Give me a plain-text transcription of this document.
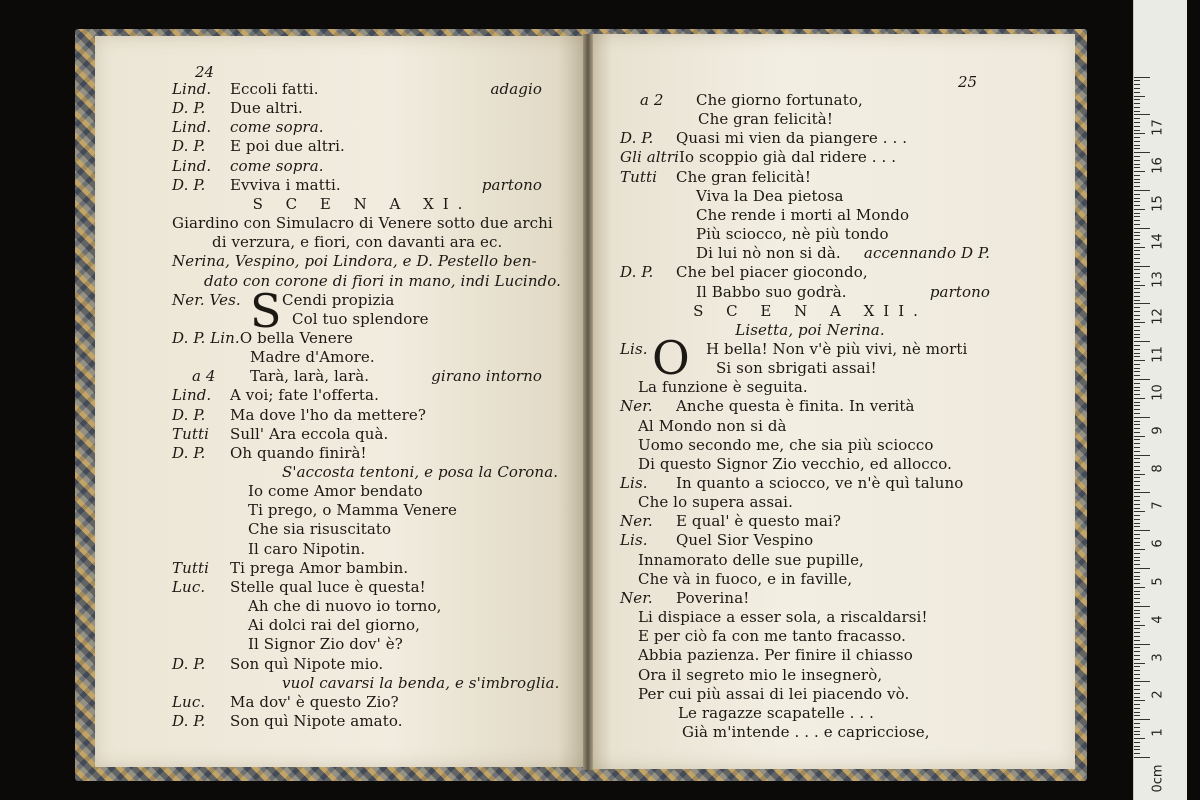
24
25
Lind. Eccoli fatti.	adagio
D. P. Due altri.
Lind. come sopra.
D. P. E poi due altri.
Lind. come sopra.
D. P. Evviva i matti.	partono
S C E N A XI.
Giardino con Simulacro di Venere sotto due archi
di verzura, e fiori, con davanti ara ec.
Nerina, Vespino, poi Lindora, e D. Pestello ben-
dato con corone di fiori in mano, indi Lucindo.
Ner. Ves.	Cendi propizia
Col tuo splendore
D. P. Lin.O bella Venere
Madre d'Amore.
a 4 Tarà, larà, larà.	girano intorno
Lind. A voi; fate l'offerta.
D. P. Ma dove l'ho da mettere?
Tutti Sull' Ara eccola quà.
D. P. Oh quando finirà!
S'accosta tentoni, e posa la Corona.
Io come Amor bendato
Ti prego, o Mamma Venere
Che sia risuscitato
Il caro Nipotin.
Tutti Ti prega Amor bambin.
Luc. Stelle qual luce è questa!
Ah che di nuovo io torno,
Ai dolci rai del giorno,
Il Signor Zio dov' è?
D. P. Son quì Nipote mio.
vuol cavarsi la benda, e s'imbroglia.
Luc. Ma dov' è questo Zio?
D. P. Son quì Nipote amato.
a 2 Che giorno fortunato,
Che gran felicità!
D. P. Quasi mi vien da piangere . . .
Gli altriIo scoppio già dal ridere . . .
Tutti Che gran felicità!
Viva la Dea pietosa
Che rende i morti al Mondo
Più sciocco, nè più tondo
Di lui nò non si dà. accennando D P.
D. P. Che bel piacer giocondo,
Il Babbo suo godrà.	partono
S C E N A XII.
Lisetta, poi Nerina.
Lis.	H bella! Non v'è più vivi, nè morti
Si son sbrigati assai!
La funzione è seguita.
Ner. Anche questa è finita. In verità
Al Mondo non si dà
Uomo secondo me, che sia più sciocco
Di questo Signor Zio vecchio, ed allocco.
Lis. In quanto a sciocco, ve n'è quì taluno
Che lo supera assai.
Ner. E qual' è questo mai?
Lis. Quel Sior Vespino
Innamorato delle sue pupille,
Che và in fuoco, e in faville,
Ner. Poverina!
Li dispiace a esser sola, a riscaldarsi!
E per ciò fa con me tanto fracasso.
Abbia pazienza. Per finire il chiasso
Ora il segreto mio le insegnerò,
Per cui più assai di lei piacendo vò.
Le ragazze scapatelle . . .
Già m'intende . . . e capricciose,
S
O
0cm
1
2
3
4
5
6
7
8
9
10
11
12
13
14
15
16
17
